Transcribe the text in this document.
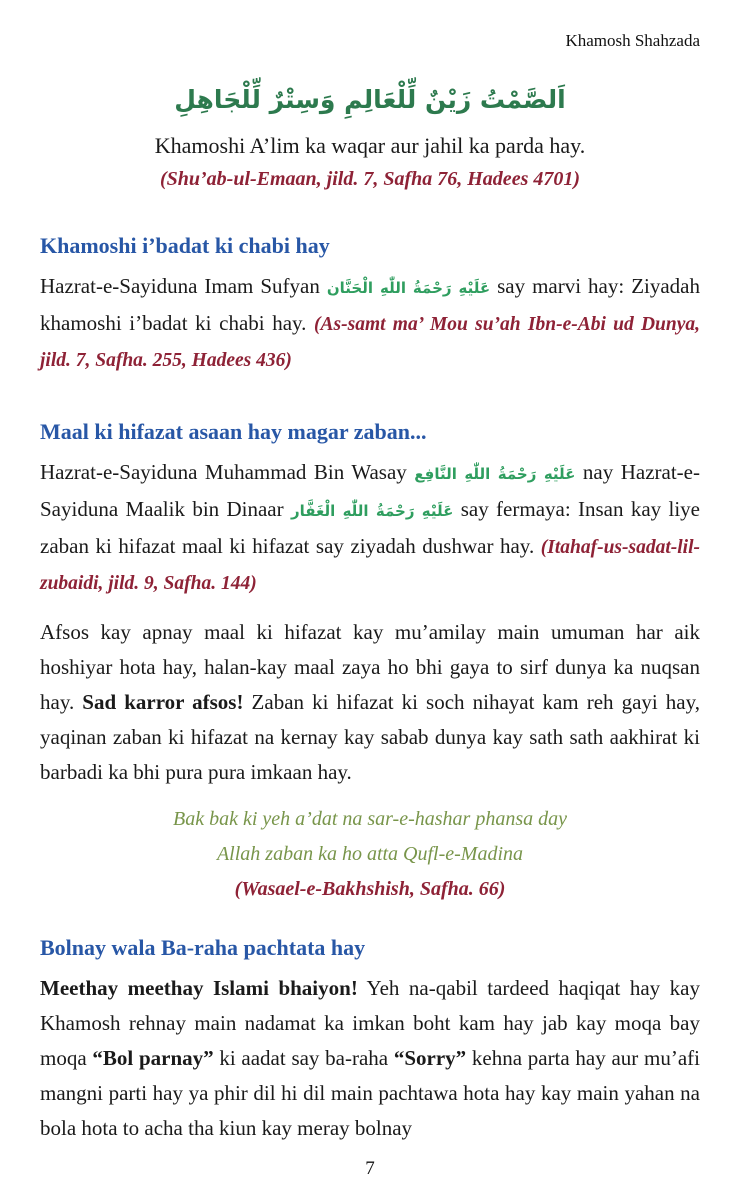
Khamosh Shahzada
اَلصَّمْتُ زَيْنٌ لِّلْعَالِمِ وَسِتْرٌ لِّلْجَاهِلِ
Khamoshi A’lim ka waqar aur jahil ka parda hay.
(Shu’ab-ul-Emaan, jild. 7, Safha 76, Hadees 4701)
Khamoshi i’badat ki chabi hay

Hazrat-e-Sayiduna Imam Sufyan عَلَيْهِ رَحْمَةُ اللّٰهِ الْحَنَّان say marvi hay: Ziyadah khamoshi i’badat ki chabi hay. (As-samt ma’ Mou su’ah Ibn-e-Abi ud Dunya, jild. 7, Safha. 255, Hadees 436)

Maal ki hifazat asaan hay magar zaban...

Hazrat-e-Sayiduna Muhammad Bin Wasay عَلَيْهِ رَحْمَةُ اللّٰهِ النَّافِع nay Hazrat-e-Sayiduna Maalik bin Dinaar عَلَيْهِ رَحْمَةُ اللّٰهِ الْغَفَّار say fermaya: Insan kay liye zaban ki hifazat maal ki hifazat say ziyadah dushwar hay. (Itahaf-us-sadat-lil-zubaidi, jild. 9, Safha. 144)

Afsos kay apnay maal ki hifazat kay mu’amilay main umuman har aik hoshiyar hota hay, halan-kay maal zaya ho bhi gaya to sirf dunya ka nuqsan hay. Sad karror afsos! Zaban ki hifazat ki soch nihayat kam reh gayi hay, yaqinan zaban ki hifazat na kernay kay sabab dunya kay sath sath aakhirat ki barbadi ka bhi pura pura imkaan hay.

Bak bak ki yeh a’dat na sar-e-hashar phansa day
Allah zaban ka ho atta Qufl-e-Madina
(Wasael-e-Bakhshish, Safha. 66)
Bolnay wala Ba-raha pachtata hay

Meethay meethay Islami bhaiyon! Yeh na-qabil tardeed haqiqat hay kay Khamosh rehnay main nadamat ka imkan boht kam hay jab kay moqa bay moqa “Bol parnay” ki aadat say ba-raha “Sorry” kehna parta hay aur mu’afi mangni parti hay ya phir dil hi dil main pachtawa hota hay kay main yahan na bola hota to acha tha kiun kay meray bolnay

7
